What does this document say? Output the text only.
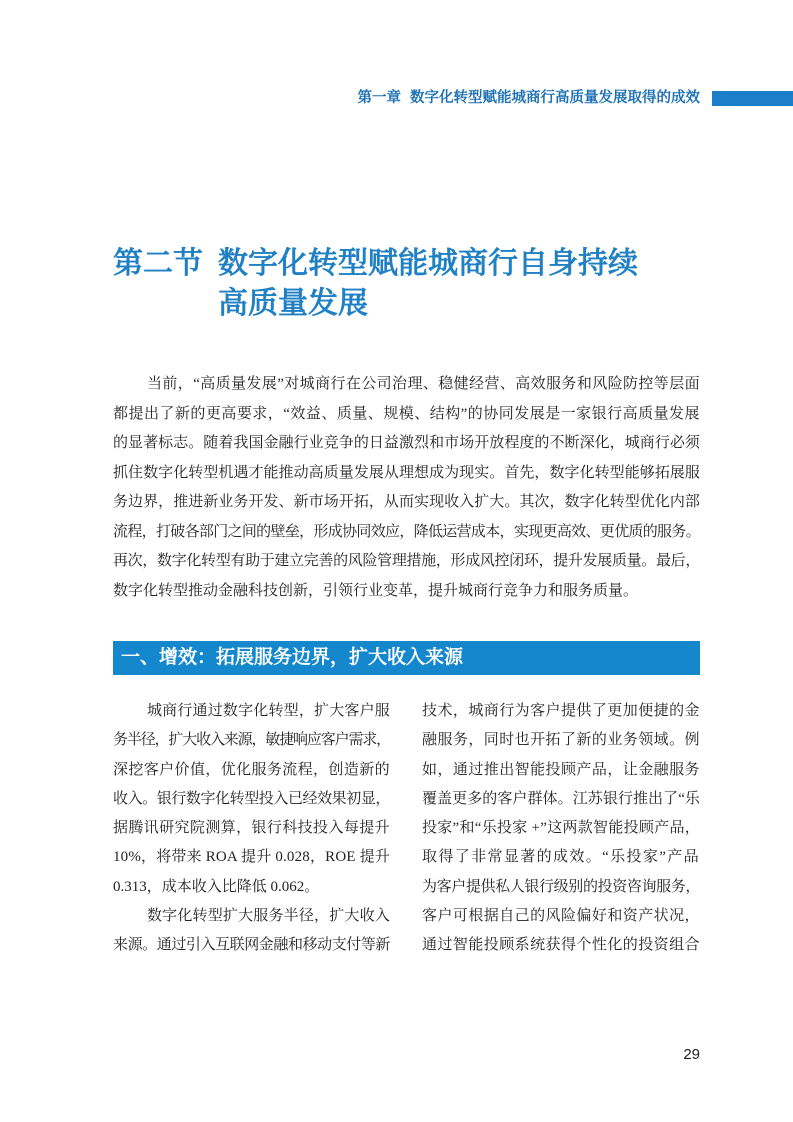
第一章 数字化转型赋能城商行高质量发展取得的成效
第二节 数字化转型赋能城商行自身持续
高质量发展
当前，“高质量发展”对城商行在公司治理、稳健经营、高效服务和风险防控等层面
都提出了新的更高要求，“效益、质量、规模、结构”的协同发展是一家银行高质量发展
的显著标志。随着我国金融行业竞争的日益激烈和市场开放程度的不断深化，城商行必须
抓住数字化转型机遇才能推动高质量发展从理想成为现实。首先，数字化转型能够拓展服
务边界，推进新业务开发、新市场开拓，从而实现收入扩大。其次，数字化转型优化内部
流程，打破各部门之间的壁垒，形成协同效应，降低运营成本，实现更高效、更优质的服务。
再次，数字化转型有助于建立完善的风险管理措施，形成风控闭环，提升发展质量。最后，
数字化转型推动金融科技创新，引领行业变革，提升城商行竞争力和服务质量。
一、增效：拓展服务边界，扩大收入来源
城商行通过数字化转型，扩大客户服
务半径，扩大收入来源，敏捷响应客户需求，
深挖客户价值，优化服务流程，创造新的
收入。银行数字化转型投入已经效果初显，
据腾讯研究院测算，银行科技投入每提升
10%，将带来 ROA 提升 0.028，ROE 提升
0.313，成本收入比降低 0.062。
数字化转型扩大服务半径，扩大收入
来源。通过引入互联网金融和移动支付等新
技术，城商行为客户提供了更加便捷的金
融服务，同时也开拓了新的业务领域。例
如，通过推出智能投顾产品，让金融服务
覆盖更多的客户群体。江苏银行推出了“乐
投家”和“乐投家 +”这两款智能投顾产品，
取得了非常显著的成效。“乐投家”产品
为客户提供私人银行级别的投资咨询服务，
客户可根据自己的风险偏好和资产状况，
通过智能投顾系统获得个性化的投资组合
29
